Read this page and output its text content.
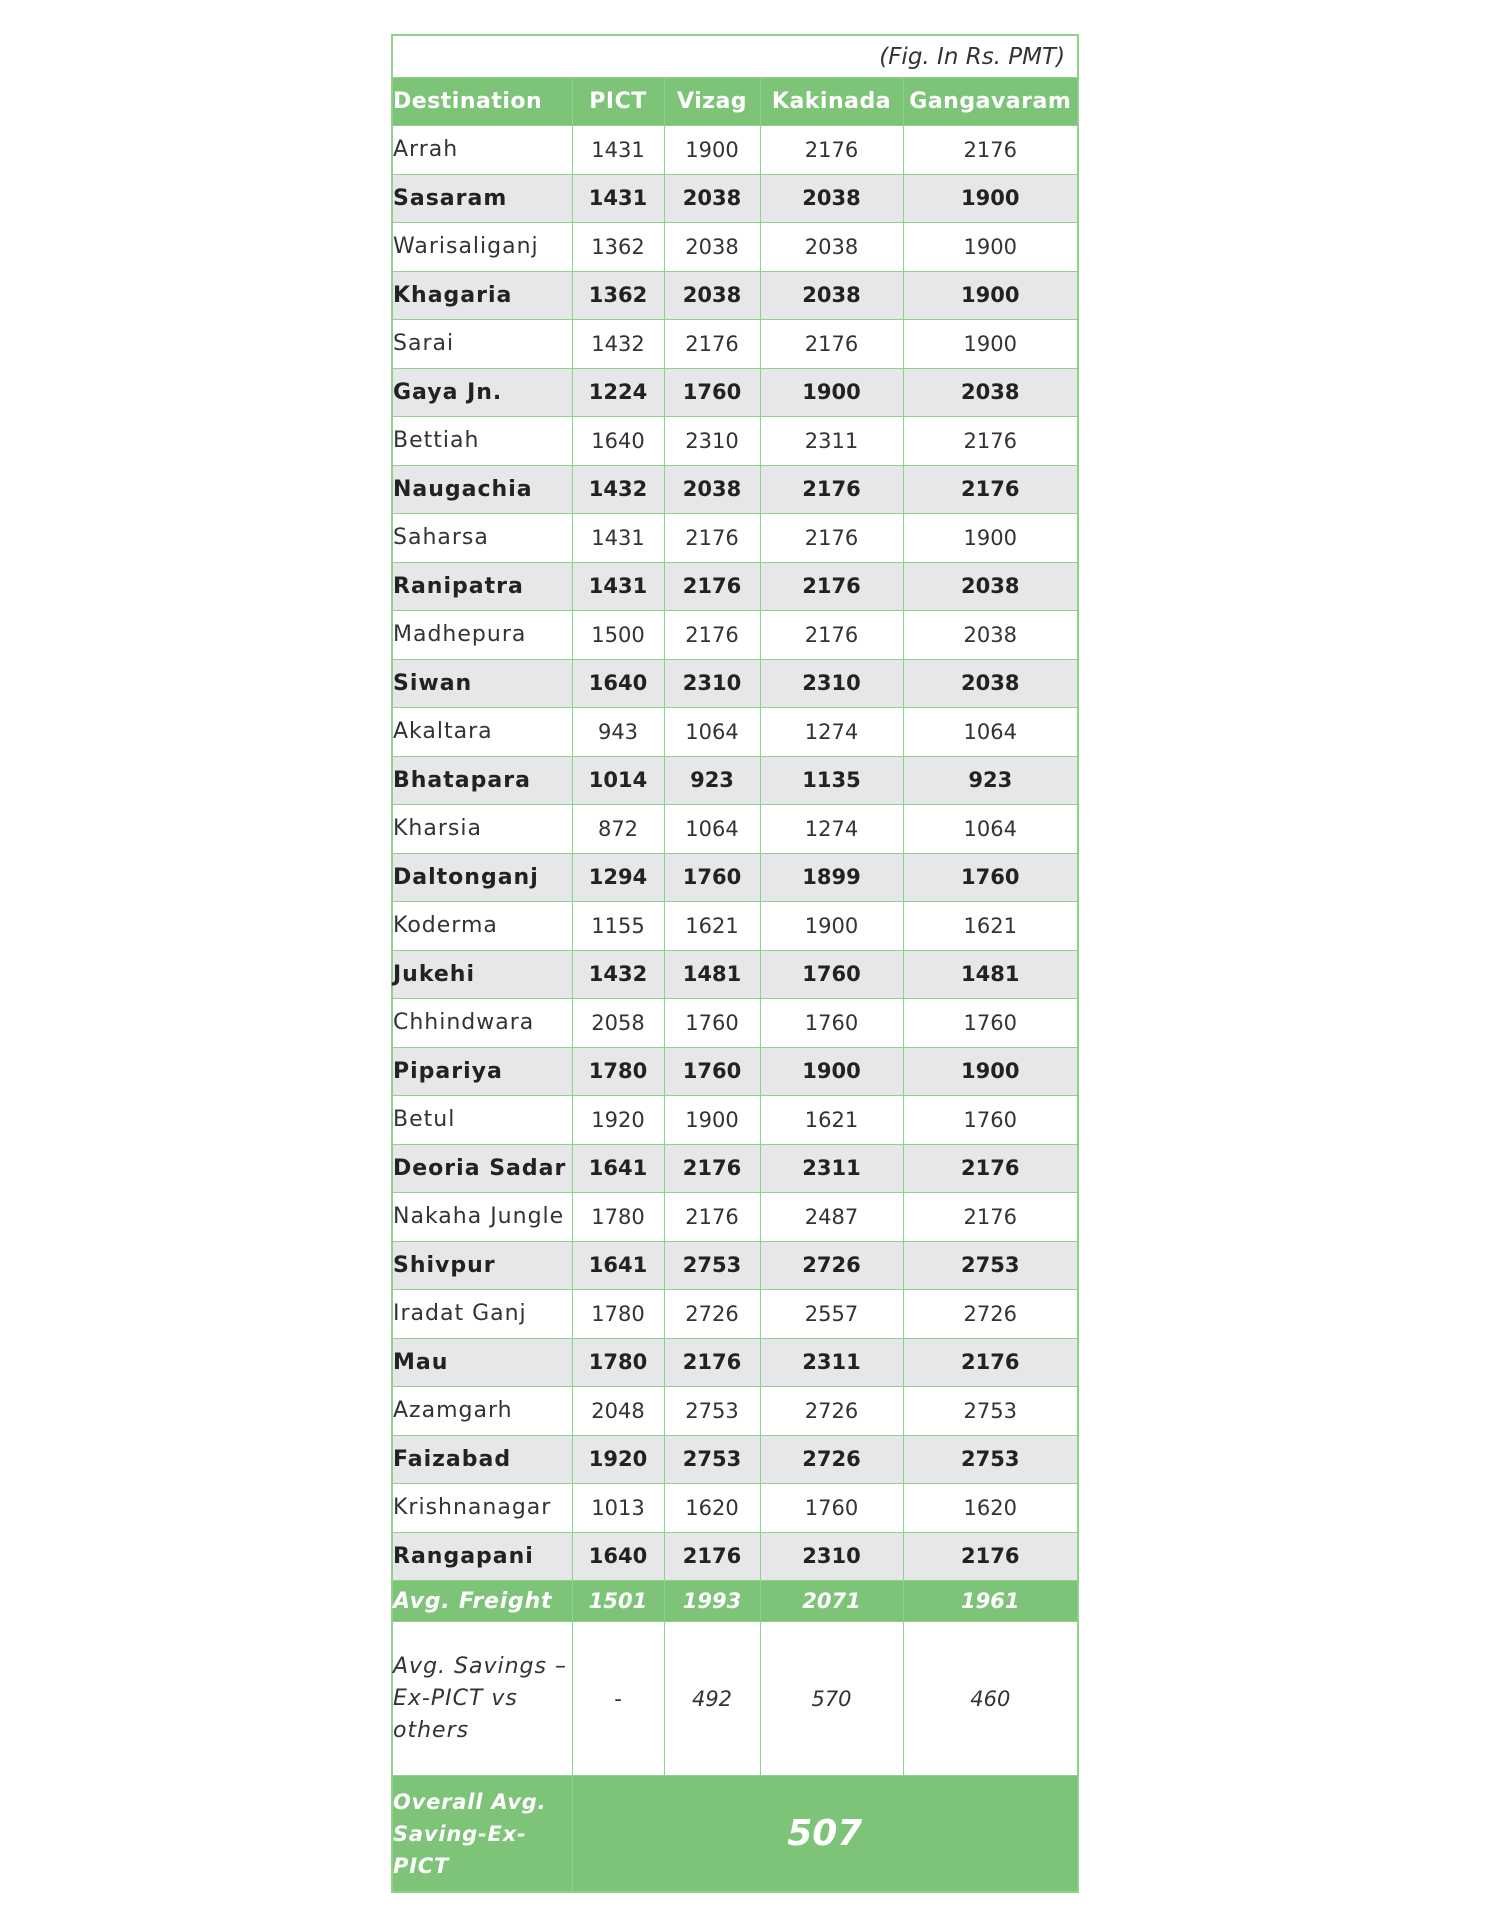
(Fig. In Rs. PMT)				
Destination	PICT	Vizag	Kakinada	Gangavaram
Arrah	1431	1900	2176	2176
Sasaram	1431	2038	2038	1900
Warisaliganj	1362	2038	2038	1900
Khagaria	1362	2038	2038	1900
Sarai	1432	2176	2176	1900
Gaya Jn.	1224	1760	1900	2038
Bettiah	1640	2310	2311	2176
Naugachia	1432	2038	2176	2176
Saharsa	1431	2176	2176	1900
Ranipatra	1431	2176	2176	2038
Madhepura	1500	2176	2176	2038
Siwan	1640	2310	2310	2038
Akaltara	943	1064	1274	1064
Bhatapara	1014	923	1135	923
Kharsia	872	1064	1274	1064
Daltonganj	1294	1760	1899	1760
Koderma	1155	1621	1900	1621
Jukehi	1432	1481	1760	1481
Chhindwara	2058	1760	1760	1760
Pipariya	1780	1760	1900	1900
Betul	1920	1900	1621	1760
Deoria Sadar	1641	2176	2311	2176
Nakaha Jungle	1780	2176	2487	2176
Shivpur	1641	2753	2726	2753
Iradat Ganj	1780	2726	2557	2726
Mau	1780	2176	2311	2176
Azamgarh	2048	2753	2726	2753
Faizabad	1920	2753	2726	2753
Krishnanagar	1013	1620	1760	1620
Rangapani	1640	2176	2310	2176
Avg. Freight	1501	1993	2071	1961
Avg. Savings –Ex-PICT vs others	-	492	570	460
Overall Avg. Saving-Ex-PICT	507			
